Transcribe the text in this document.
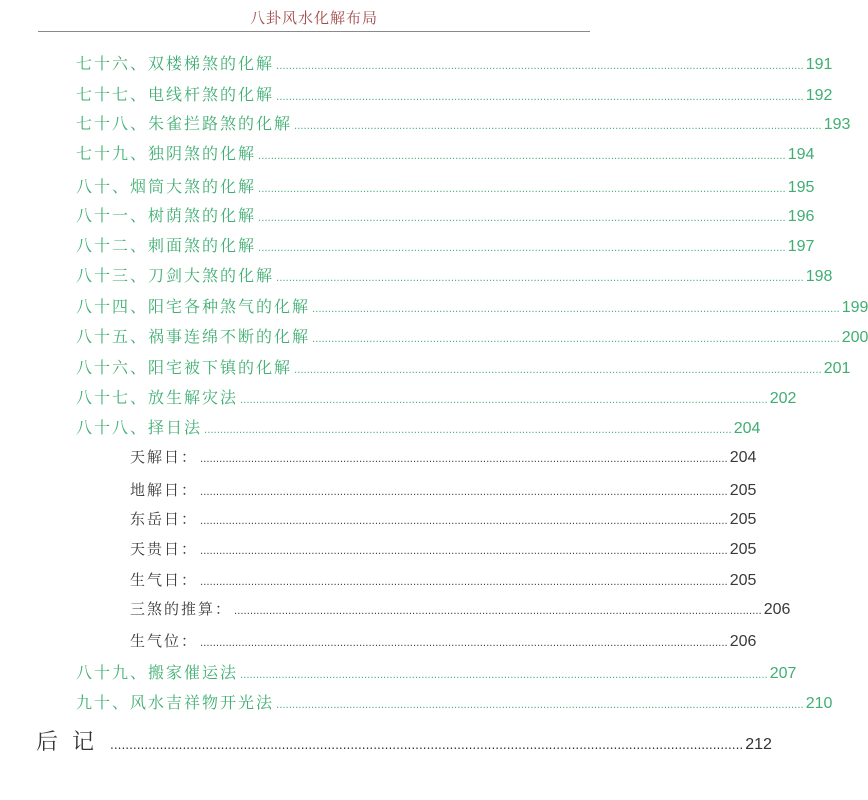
八卦风水化解布局
七十六、双楼梯煞的化解 ...................................................................................................................................................................... 191
七十七、电线杆煞的化解 ...................................................................................................................................................................... 192
七十八、朱雀拦路煞的化解 ...................................................................................................................................................................... 193
七十九、独阴煞的化解 ...................................................................................................................................................................... 194
八十、烟筒大煞的化解 ...................................................................................................................................................................... 195
八十一、树荫煞的化解 ...................................................................................................................................................................... 196
八十二、刺面煞的化解 ...................................................................................................................................................................... 197
八十三、刀剑大煞的化解 ...................................................................................................................................................................... 198
八十四、阳宅各种煞气的化解 ...................................................................................................................................................................... 199
八十五、祸事连绵不断的化解 ...................................................................................................................................................................... 200
八十六、阳宅被下镇的化解 ...................................................................................................................................................................... 201
八十七、放生解灾法 ...................................................................................................................................................................... 202
八十八、择日法 ...................................................................................................................................................................... 204
天解日： ...................................................................................................................................................................... 204
地解日： ...................................................................................................................................................................... 205
东岳日： ...................................................................................................................................................................... 205
天贵日： ...................................................................................................................................................................... 205
生气日： ...................................................................................................................................................................... 205
三煞的推算： ...................................................................................................................................................................... 206
生气位： ...................................................................................................................................................................... 206
八十九、搬家催运法 ...................................................................................................................................................................... 207
九十、风水吉祥物开光法 ...................................................................................................................................................................... 210
后记 ...................................................................................................................................................................... 212
